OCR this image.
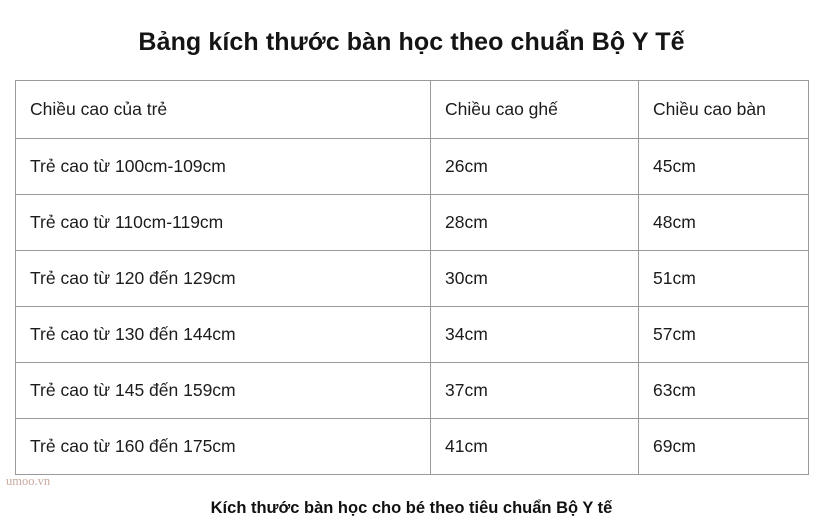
Bảng kích thước bàn học theo chuẩn Bộ Y Tế
Chiều cao của trẻ	Chiều cao ghế	Chiều cao bàn
Trẻ cao từ 100cm-109cm	26cm	45cm
Trẻ cao từ 110cm-119cm	28cm	48cm
Trẻ cao từ 120 đến 129cm	30cm	51cm
Trẻ cao từ 130 đến 144cm	34cm	57cm
Trẻ cao từ 145 đến 159cm	37cm	63cm
Trẻ cao từ 160 đến 175cm	41cm	69cm
umoo.vn
Kích thước bàn học cho bé theo tiêu chuẩn Bộ Y tế
